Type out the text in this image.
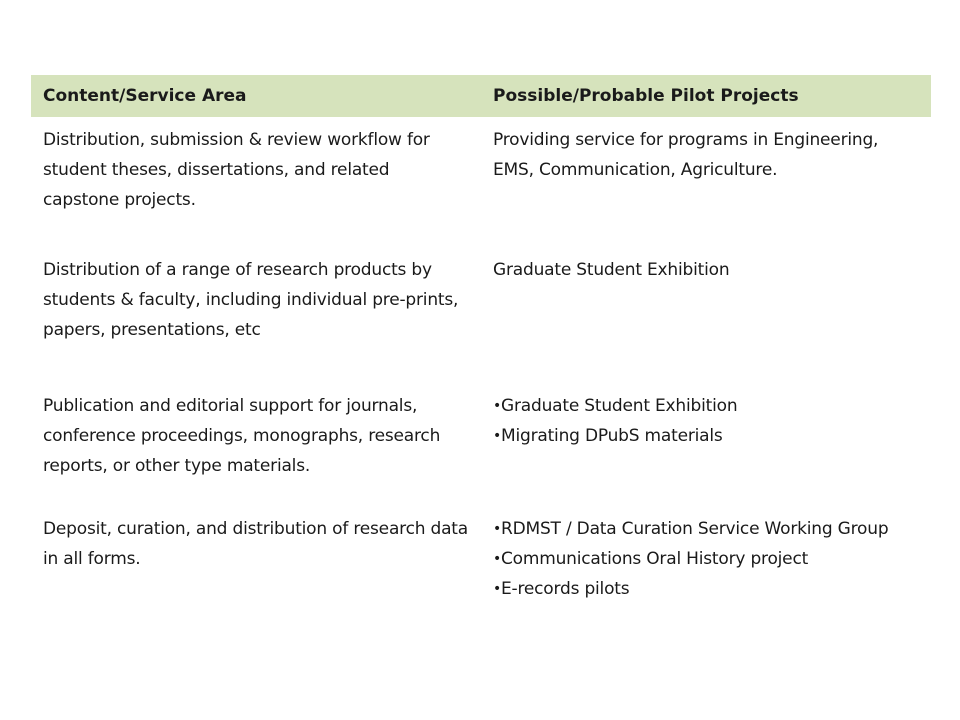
Content/Service Area	Possible/Probable Pilot Projects
Distribution, submission & review workflow for student theses, dissertations, and related capstone projects.
Providing service for programs in Engineering, EMS, Communication, Agriculture.
Distribution of a range of research products by students & faculty, including individual pre-prints, papers, presentations, etc
Graduate Student Exhibition
Publication and editorial support for journals, conference proceedings, monographs, research reports, or other type materials.
• Graduate Student Exhibition
• Migrating DPubS materials
Deposit, curation, and distribution of research data in all forms.
• RDMST / Data Curation Service Working Group
• Communications Oral History project
• E-records pilots
